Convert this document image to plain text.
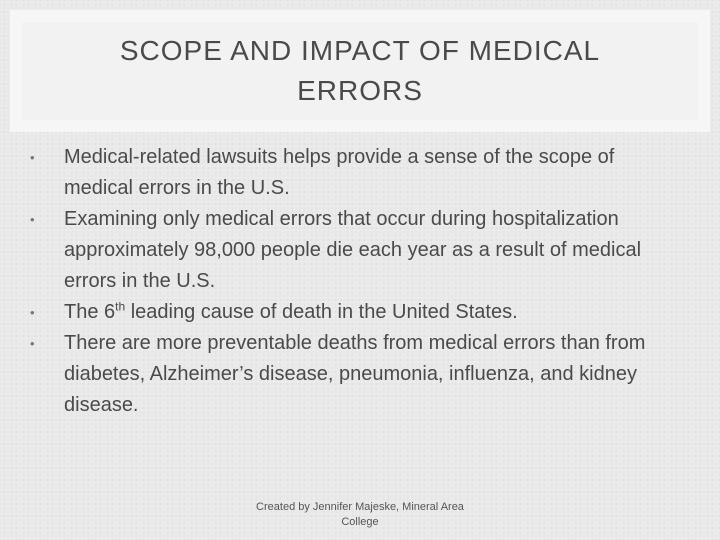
SCOPE AND IMPACT OF MEDICAL ERRORS
• Medical-related lawsuits helps provide a sense of the scope of medical errors in the U.S.
• Examining only medical errors that occur during hospitalization approximately 98,000 people die each year as a result of medical errors in the U.S.
• The 6th leading cause of death in the United States.
• There are more preventable deaths from medical errors than from diabetes, Alzheimer’s disease, pneumonia, influenza, and kidney disease.
Created by Jennifer Majeske, Mineral Area College
